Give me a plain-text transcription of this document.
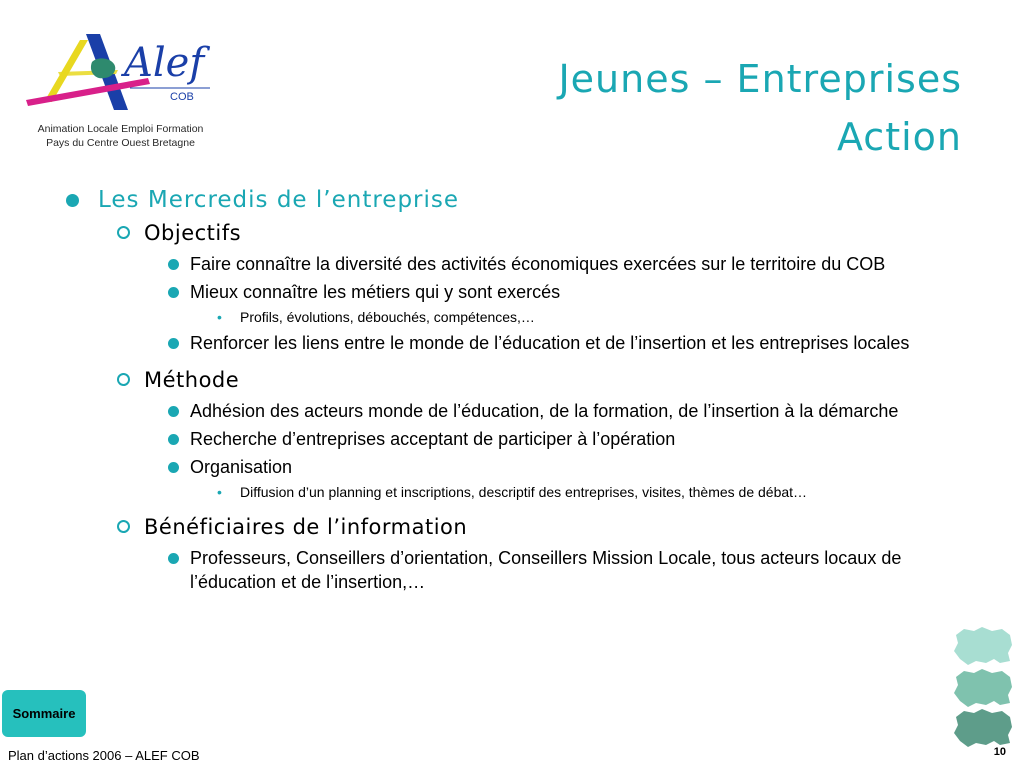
Alef
COB
Animation Locale Emploi Formation
Pays du Centre Ouest Bretagne
Jeunes – Entreprises
Action
Les Mercredis de l’entreprise
Objectifs
Faire connaître la diversité des activités économiques exercées sur le territoire du COB
Mieux connaître les métiers qui y sont exercés
• Profils, évolutions, débouchés, compétences,…
Renforcer les liens entre le monde de l’éducation et de l’insertion et les entreprises locales
Méthode
Adhésion des acteurs monde de l’éducation, de la formation, de l’insertion à la démarche
Recherche d’entreprises acceptant de participer à l’opération
Organisation
• Diffusion d’un planning et inscriptions, descriptif des entreprises, visites, thèmes de débat…
Bénéficiaires de l’information
Professeurs, Conseillers d’orientation, Conseillers Mission Locale, tous acteurs locaux de l’éducation et de l’insertion,…
Sommaire
Plan d’actions 2006 – ALEF COB	10
